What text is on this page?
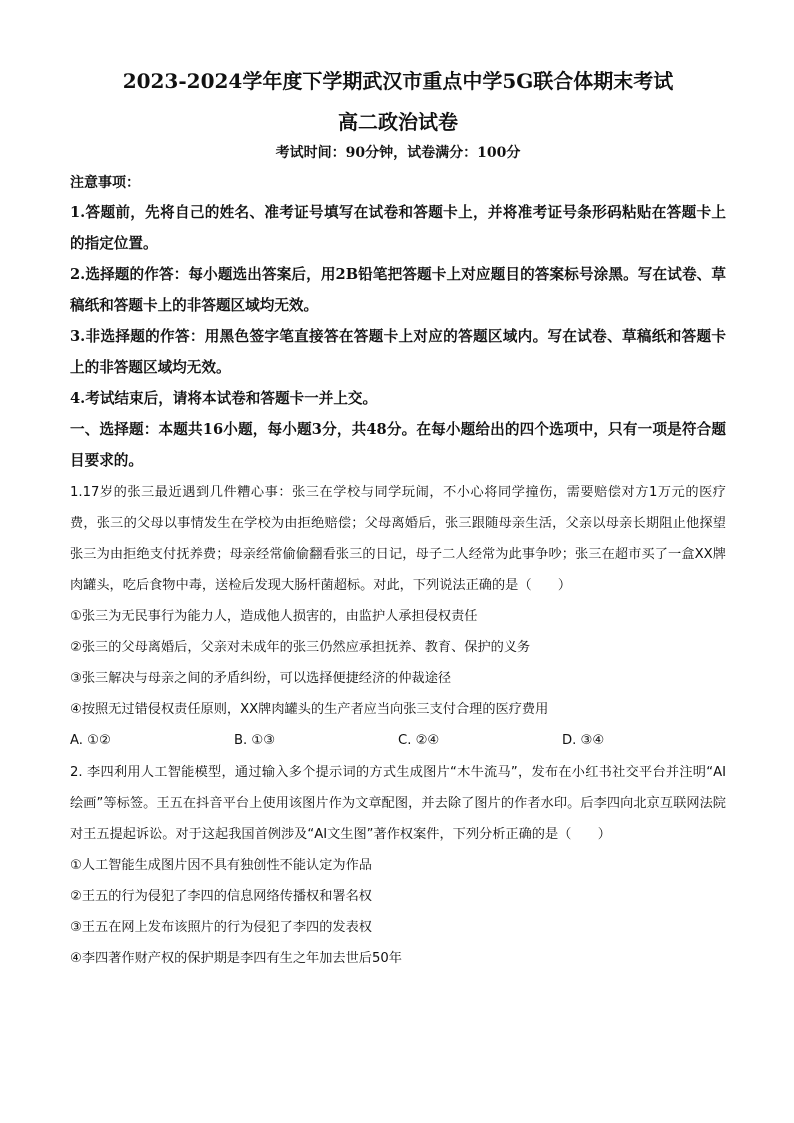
2023-2024学年度下学期武汉市重点中学5G联合体期末考试
高二政治试卷

考试时间：90分钟，试卷满分：100分

注意事项：

1.答题前，先将自己的姓名、准考证号填写在试卷和答题卡上，并将准考证号条形码粘贴在答题卡上的指定位置。

2.选择题的作答：每小题选出答案后，用2B铅笔把答题卡上对应题目的答案标号涂黑。写在试卷、草稿纸和答题卡上的非答题区域均无效。

3.非选择题的作答：用黑色签字笔直接答在答题卡上对应的答题区域内。写在试卷、草稿纸和答题卡上的非答题区域均无效。

4.考试结束后，请将本试卷和答题卡一并上交。

一、选择题：本题共16小题，每小题3分，共48分。在每小题给出的四个选项中，只有一项是符合题目要求的。

1.17岁的张三最近遇到几件糟心事：张三在学校与同学玩闹，不小心将同学撞伤，需要赔偿对方1万元的医疗费，张三的父母以事情发生在学校为由拒绝赔偿；父母离婚后，张三跟随母亲生活，父亲以母亲长期阻止他探望张三为由拒绝支付抚养费；母亲经常偷偷翻看张三的日记，母子二人经常为此事争吵；张三在超市买了一盒XX牌肉罐头，吃后食物中毒，送检后发现大肠杆菌超标。对此，下列说法正确的是（　　）

①张三为无民事行为能力人，造成他人损害的，由监护人承担侵权责任

②张三的父母离婚后，父亲对未成年的张三仍然应承担抚养、教育、保护的义务

③张三解决与母亲之间的矛盾纠纷，可以选择便捷经济的仲裁途径

④按照无过错侵权责任原则，XX牌肉罐头的生产者应当向张三支付合理的医疗费用

A. ①②	B. ①③	C. ②④	D. ③④

2. 李四利用人工智能模型，通过输入多个提示词的方式生成图片“木牛流马”，发布在小红书社交平台并注明“AI绘画”等标签。王五在抖音平台上使用该图片作为文章配图，并去除了图片的作者水印。后李四向北京互联网法院对王五提起诉讼。对于这起我国首例涉及“AI文生图”著作权案件，下列分析正确的是（　　）

①人工智能生成图片因不具有独创性不能认定为作品

②王五的行为侵犯了李四的信息网络传播权和署名权

③王五在网上发布该照片的行为侵犯了李四的发表权

④李四著作财产权的保护期是李四有生之年加去世后50年
